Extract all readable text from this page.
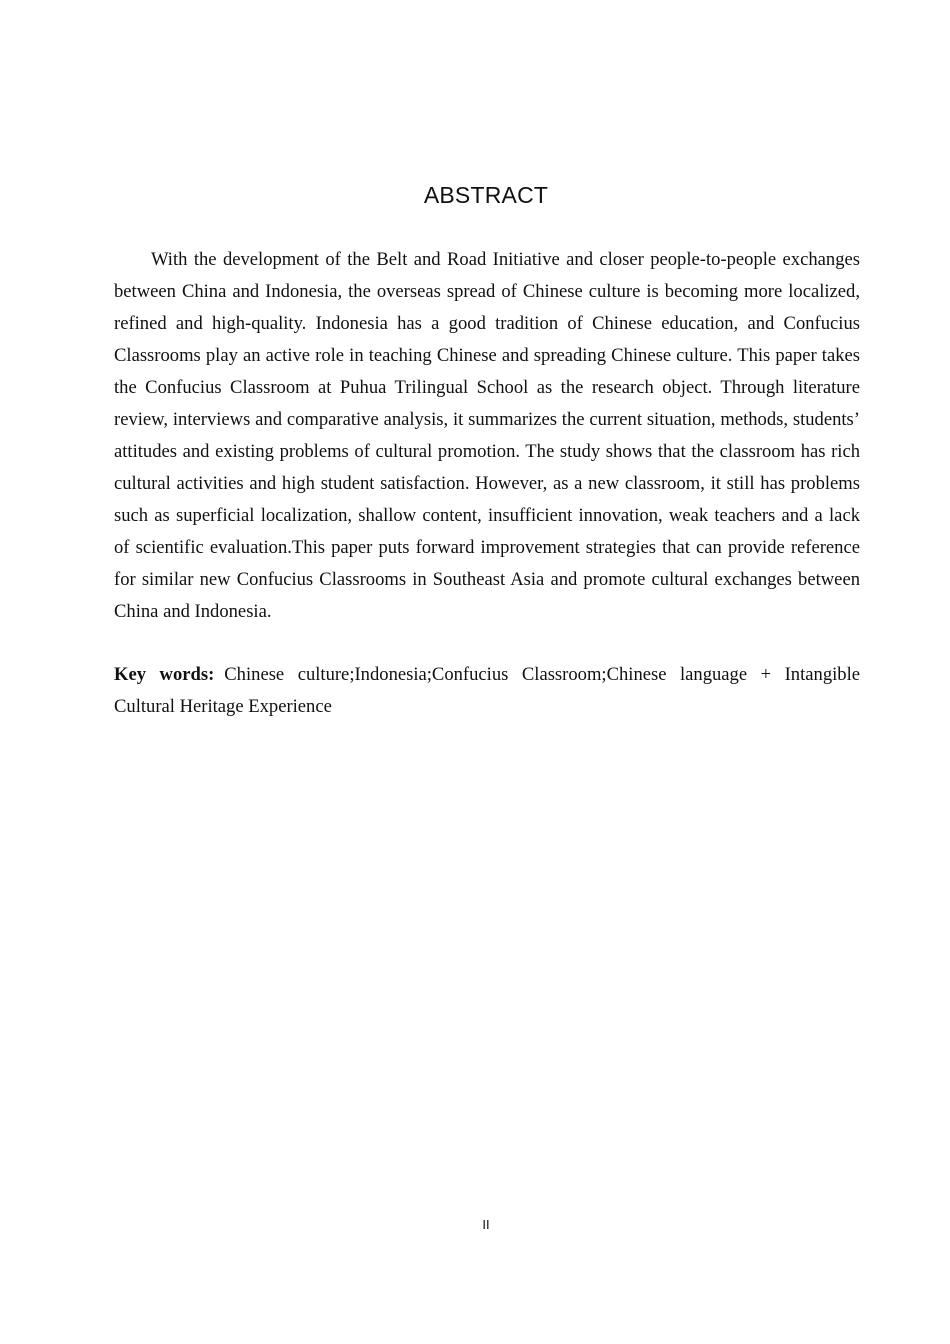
ABSTRACT

With the development of the Belt and Road Initiative and closer people-to-people exchanges between China and Indonesia, the overseas spread of Chinese culture is becoming more localized, refined and high-quality. Indonesia has a good tradition of Chinese education, and Confucius Classrooms play an active role in teaching Chinese and spreading Chinese culture. This paper takes the Confucius Classroom at Puhua Trilingual School as the research object. Through literature review, interviews and comparative analysis, it summarizes the current situation, methods, students’ attitudes and existing problems of cultural promotion. The study shows that the classroom has rich cultural activities and high student satisfaction. However, as a new classroom, it still has problems such as superficial localization, shallow content, insufficient innovation, weak teachers and a lack of scientific evaluation.This paper puts forward improvement strategies that can provide reference for similar new Confucius Classrooms in Southeast Asia and promote cultural exchanges between China and Indonesia.

Key words: Chinese culture;Indonesia;Confucius Classroom;Chinese language + Intangible Cultural Heritage Experience

II
